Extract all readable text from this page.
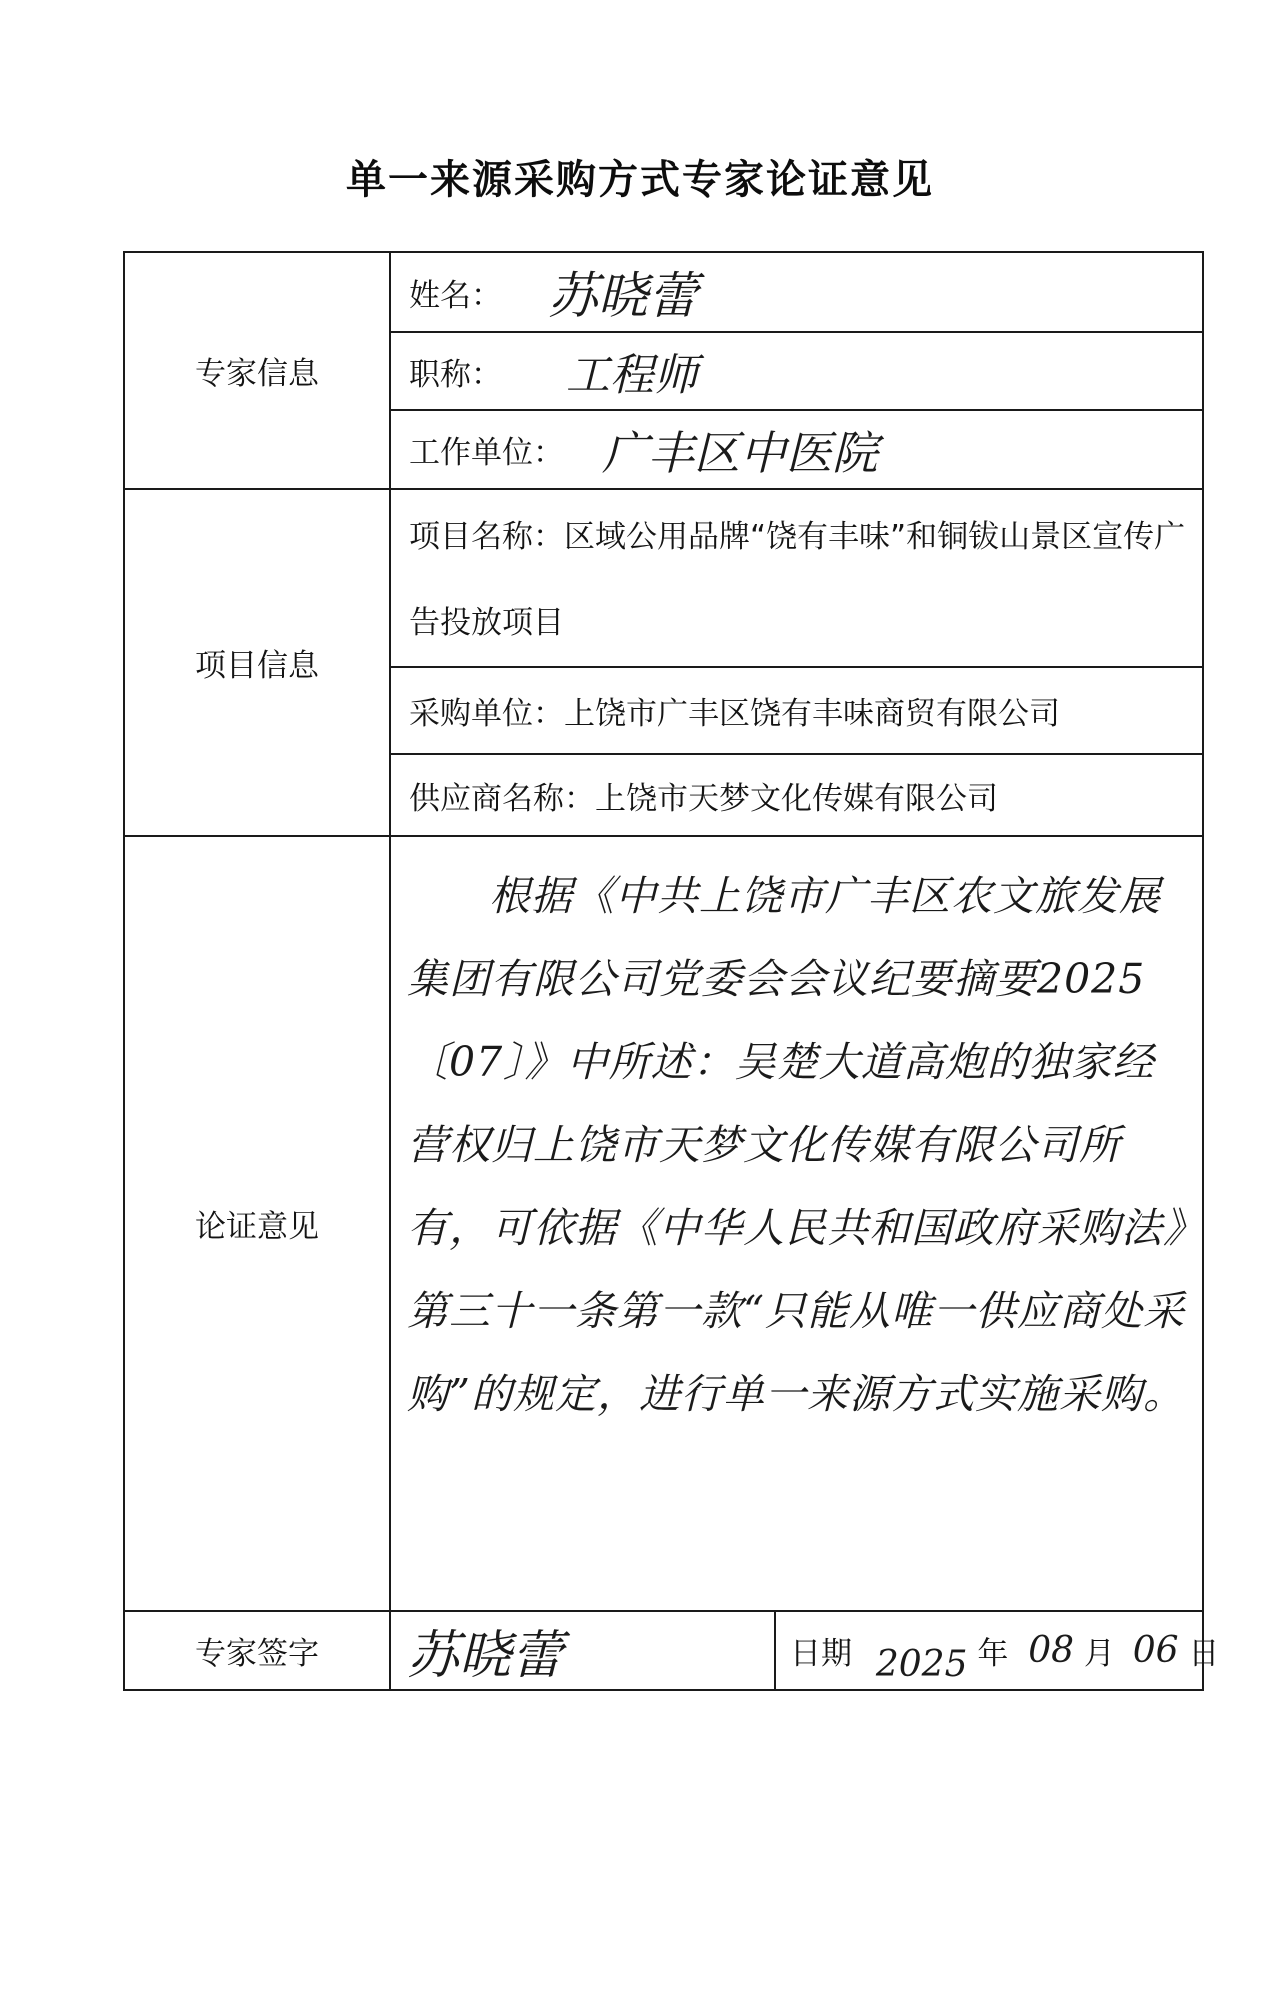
单一来源采购方式专家论证意见
专家信息	姓名： 苏晓蕾	
	职称： 工程师	
	工作单位： 广丰区中医院	
项目信息	项目名称：区域公用品牌“饶有丰味”和铜钹山景区宣传广告投放项目	

	采购单位：上饶市广丰区饶有丰味商贸有限公司	
	供应商名称：上饶市天梦文化传媒有限公司	
论证意见	根据《中共上饶市广丰区农文旅发展集团有限公司党委会会议纪要摘要2025〔07〕》中所述：吴楚大道高炮的独家经营权归上饶市天梦文化传媒有限公司所有，可依据《中华人民共和国政府采购法》第三十一条第一款“只能从唯一供应商处采购”的规定，进行单一来源方式实施采购。	

专家签字	苏晓蕾	日期 2025 年 08 月 06 日
